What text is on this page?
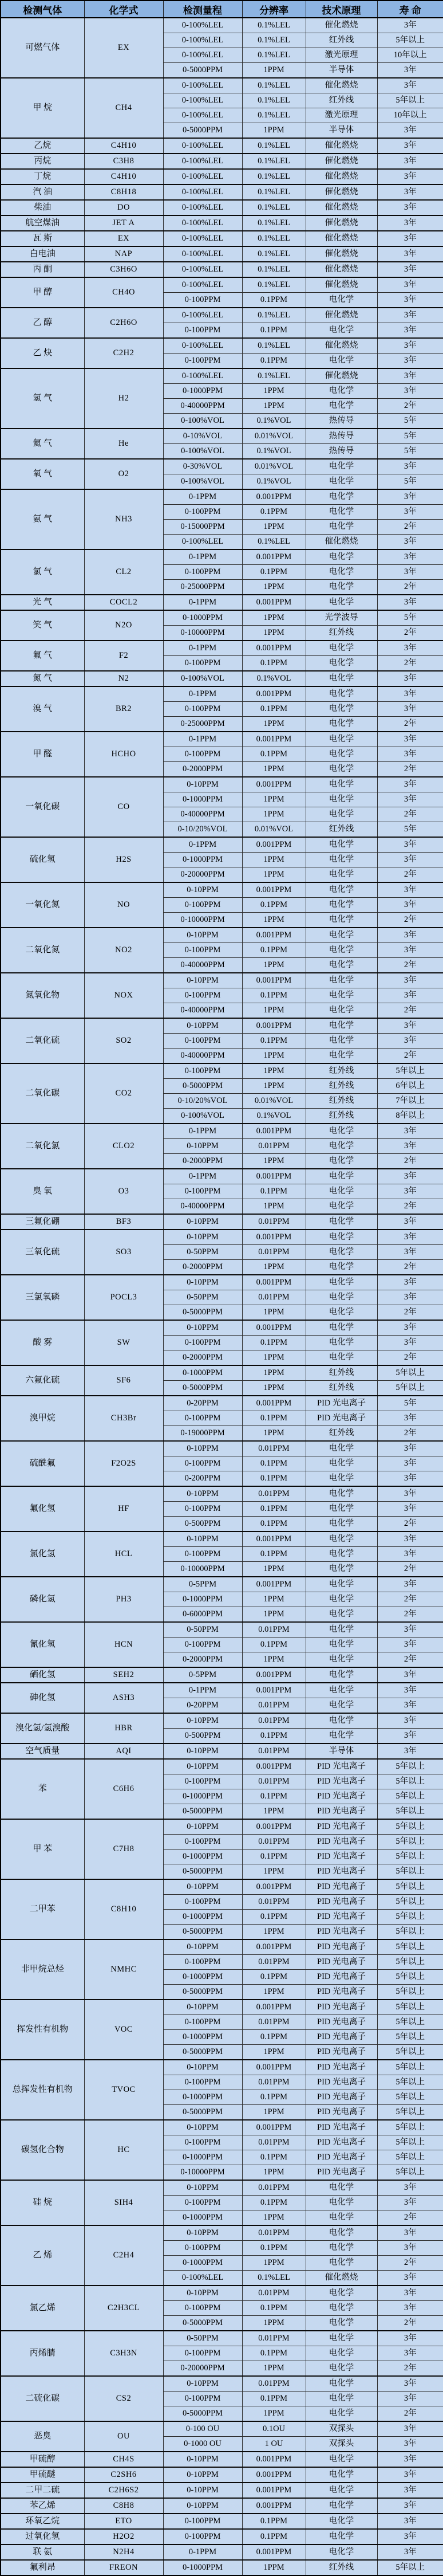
检测气体	化学式	检测量程	分辨率	技术原理	寿 命
可燃气体	EX	0-100%LEL	0.1%LEL	催化燃烧	3年
		0-100%LEL	0.1%LEL	红外线	5年以上
		0-100%LEL	0.1%LEL	激光原理	10年以上
		0-5000PPM	1PPM	半导体	3年
甲 烷	CH4	0-100%LEL	0.1%LEL	催化燃烧	3年
		0-100%LEL	0.1%LEL	红外线	5年以上
		0-100%LEL	0.1%LEL	激光原理	10年以上
		0-5000PPM	1PPM	半导体	3年
乙烷	C4H10	0-100%LEL	0.1%LEL	催化燃烧	3年
丙烷	C3H8	0-100%LEL	0.1%LEL	催化燃烧	3年
丁烷	C4H10	0-100%LEL	0.1%LEL	催化燃烧	3年
汽 油	C8H18	0-100%LEL	0.1%LEL	催化燃烧	3年
柴油	DO	0-100%LEL	0.1%LEL	催化燃烧	3年
航空煤油	JET A	0-100%LEL	0.1%LEL	催化燃烧	3年
瓦 斯	EX	0-100%LEL	0.1%LEL	催化燃烧	3年
白电油	NAP	0-100%LEL	0.1%LEL	催化燃烧	3年
丙 酮	C3H6O	0-100%LEL	0.1%LEL	催化燃烧	3年
甲 醇	CH4O	0-100%LEL	0.1%LEL	催化燃烧	3年
		0-100PPM	0.1PPM	电化学	3年
乙 醇	C2H6O	0-100%LEL	0.1%LEL	催化燃烧	3年
		0-100PPM	0.1PPM	电化学	3年
乙 炔	C2H2	0-100%LEL	0.1%LEL	催化燃烧	3年
		0-100PPM	0.1PPM	电化学	3年
氢 气	H2	0-100%LEL	0.1%LEL	催化燃烧	3年
		0-1000PPM	1PPM	电化学	3年
		0-40000PPM	1PPM	电化学	2年
		0-100%VOL	0.1%VOL	热传导	5年
氦 气	He	0-10%VOL	0.01%VOL	热传导	5年
		0-100%VOL	0.1%VOL	热传导	5年
氧 气	O2	0-30%VOL	0.01%VOL	电化学	3年
		0-100%VOL	0.1%VOL	电化学	5年
氨 气	NH3	0-1PPM	0.001PPM	电化学	3年
		0-100PPM	0.1PPM	电化学	3年
		0-15000PPM	1PPM	电化学	2年
		0-100%LEL	0.1%LEL	催化燃烧	3年
氯 气	CL2	0-1PPM	0.001PPM	电化学	3年
		0-100PPM	0.1PPM	电化学	3年
		0-25000PPM	1PPM	电化学	2年
光 气	COCL2	0-1PPM	0.001PPM	电化学	3年
笑 气	N2O	0-1000PPM	1PPM	光学波导	5年
		0-10000PPM	1PPM	红外线	2年
氟 气	F2	0-1PPM	0.001PPM	电化学	3年
		0-100PPM	0.1PPM	电化学	2年
氮 气	N2	0-100%VOL	0.1%VOL	电化学	3年
溴 气	BR2	0-1PPM	0.001PPM	电化学	3年
		0-100PPM	0.1PPM	电化学	3年
		0-25000PPM	1PPM	电化学	2年
甲 醛	HCHO	0-1PPM	0.001PPM	电化学	3年
		0-100PPM	0.1PPM	电化学	3年
		0-2000PPM	1PPM	电化学	2年
一氧化碳	CO	0-10PPM	0.001PPM	电化学	3年
		0-1000PPM	1PPM	电化学	3年
		0-40000PPM	1PPM	电化学	2年
		0-10/20%VOL	0.01%VOL	红外线	5年
硫化氢	H2S	0-1PPM	0.001PPM	电化学	3年
		0-1000PPM	1PPM	电化学	3年
		0-20000PPM	1PPM	电化学	2年
一氧化氮	NO	0-10PPM	0.001PPM	电化学	3年
		0-100PPM	0.1PPM	电化学	3年
		0-10000PPM	1PPM	电化学	2年
二氧化氮	NO2	0-10PPM	0.001PPM	电化学	3年
		0-100PPM	0.1PPM	电化学	3年
		0-40000PPM	1PPM	电化学	2年
氮氧化物	NOX	0-10PPM	0.001PPM	电化学	3年
		0-100PPM	0.1PPM	电化学	3年
		0-40000PPM	1PPM	电化学	2年
二氧化硫	SO2	0-10PPM	0.001PPM	电化学	3年
		0-100PPM	0.1PPM	电化学	3年
		0-40000PPM	1PPM	电化学	2年
二氧化碳	CO2	0-100PPM	1PPM	红外线	5年以上
		0-5000PPM	1PPM	红外线	6年以上
		0-10/20%VOL	0.01%VOL	红外线	7年以上
		0-100%VOL	0.1%VOL	红外线	8年以上
二氧化氯	CLO2	0-1PPM	0.001PPM	电化学	3年
		0-10PPM	0.01PPM	电化学	3年
		0-2000PPM	1PPM	电化学	2年
臭 氧	O3	0-1PPM	0.001PPM	电化学	3年
		0-100PPM	0.1PPM	电化学	3年
		0-40000PPM	1PPM	电化学	2年
三氟化硼	BF3	0-10PPM	0.01PPM	电化学	3年
三氧化硫	SO3	0-10PPM	0.001PPM	电化学	3年
		0-50PPM	0.01PPM	电化学	3年
		0-2000PPM	1PPM	电化学	2年
三氯氧磷	POCL3	0-10PPM	0.001PPM	电化学	3年
		0-50PPM	0.01PPM	电化学	3年
		0-5000PPM	1PPM	电化学	2年
酸 雾	SW	0-10PPM	0.001PPM	电化学	3年
		0-100PPM	0.1PPM	电化学	3年
		0-2000PPM	1PPM	电化学	2年
六氟化硫	SF6	0-1000PPM	1PPM	红外线	5年以上
		0-5000PPM	1PPM	红外线	5年以上
溴甲烷	CH3Br	0-20PPM	0.001PPM	PID 光电离子	5年
		0-100PPM	0.1PPM	PID 光电离子	3年
		0-19000PPM	1PPM	红外线	2年
硫酰氟	F2O2S	0-10PPM	0.01PPM	电化学	3年
		0-100PPM	0.1PPM	电化学	3年
		0-200PPM	0.1PPM	电化学	3年
氟化氢	HF	0-10PPM	0.01PPM	电化学	3年
		0-100PPM	0.1PPM	电化学	3年
		0-500PPM	0.1PPM	电化学	2年
氯化氢	HCL	0-10PPM	0.001PPM	电化学	3年
		0-100PPM	0.1PPM	电化学	3年
		0-10000PPM	1PPM	电化学	2年
磷化氢	PH3	0-5PPM	0.001PPM	电化学	3年
		0-1000PPM	1PPM	电化学	2年
		0-6000PPM	1PPM	电化学	2年
氰化氢	HCN	0-50PPM	0.01PPM	电化学	3年
		0-100PPM	0.1PPM	电化学	3年
		0-2000PPM	1PPM	电化学	2年
硒化氢	SEH2	0-5PPM	0.001PPM	电化学	3年
砷化氢	ASH3	0-1PPM	0.001PPM	电化学	3年
		0-20PPM	0.01PPM	电化学	3年
溴化氢/氢溴酸	HBR	0-10PPM	0.01PPM	电化学	3年
		0-500PPM	0.1PPM	电化学	3年
空气质量	AQI	0-10PPM	0.01PPM	半导体	3年
苯	C6H6	0-10PPM	0.001PPM	PID 光电离子	5年以上
		0-100PPM	0.01PPM	PID 光电离子	5年以上
		0-1000PPM	0.1PPM	PID 光电离子	5年以上
		0-5000PPM	1PPM	PID 光电离子	5年以上
甲 苯	C7H8	0-10PPM	0.001PPM	PID 光电离子	5年以上
		0-100PPM	0.01PPM	PID 光电离子	5年以上
		0-1000PPM	0.1PPM	PID 光电离子	5年以上
		0-5000PPM	1PPM	PID 光电离子	5年以上
二甲苯	C8H10	0-10PPM	0.001PPM	PID 光电离子	5年以上
		0-100PPM	0.01PPM	PID 光电离子	5年以上
		0-1000PPM	0.1PPM	PID 光电离子	5年以上
		0-5000PPM	1PPM	PID 光电离子	5年以上
非甲烷总烃	NMHC	0-10PPM	0.001PPM	PID 光电离子	5年以上
		0-100PPM	0.01PPM	PID 光电离子	5年以上
		0-1000PPM	0.1PPM	PID 光电离子	5年以上
		0-5000PPM	1PPM	PID 光电离子	5年以上
挥发性有机物	VOC	0-10PPM	0.001PPM	PID 光电离子	5年以上
		0-100PPM	0.01PPM	PID 光电离子	5年以上
		0-1000PPM	0.1PPM	PID 光电离子	5年以上
		0-5000PPM	1PPM	PID 光电离子	5年以上
总挥发性有机物	TVOC	0-10PPM	0.001PPM	PID 光电离子	5年以上
		0-100PPM	0.01PPM	PID 光电离子	5年以上
		0-1000PPM	0.1PPM	PID 光电离子	5年以上
		0-5000PPM	1PPM	PID 光电离子	5年以上
碳氢化合物	HC	0-10PPM	0.001PPM	PID 光电离子	5年以上
		0-100PPM	0.01PPM	PID 光电离子	5年以上
		0-1000PPM	0.1PPM	PID 光电离子	5年以上
		0-10000PPM	1PPM	PID 光电离子	5年以上
硅 烷	SIH4	0-10PPM	0.01PPM	电化学	3年
		0-100PPM	0.1PPM	电化学	3年
		0-1000PPM	1PPM	电化学	2年
乙 烯	C2H4	0-10PPM	0.01PPM	电化学	3年
		0-100PPM	0.1PPM	电化学	3年
		0-1000PPM	1PPM	电化学	2年
		0-100%LEL	0.1%LEL	催化燃烧	3年
氯乙烯	C2H3CL	0-10PPM	0.01PPM	电化学	3年
		0-100PPM	0.1PPM	电化学	3年
		0-5000PPM	1PPM	电化学	2年
丙烯腈	C3H3N	0-50PPM	0.01PPM	电化学	3年
		0-100PPM	0.1PPM	电化学	3年
		0-20000PPM	1PPM	电化学	2年
二硫化碳	CS2	0-10PPM	0.01PPM	电化学	3年
		0-100PPM	0.1PPM	电化学	3年
		0-5000PPM	1PPM	电化学	2年
恶臭	OU	0-100 OU	0.1OU	双探头	3年
		0-1000 OU	1 OU	双探头	3年
甲硫醇	CH4S	0-10PPM	0.001PPM	电化学	3年
甲硫醚	C2SH6	0-10PPM	0.001PPM	电化学	3年
二甲二硫	C2H6S2	0-10PPM	0.001PPM	电化学	3年
苯乙烯	C8H8	0-10PPM	0.001PPM	电化学	3年
环氧乙烷	ETO	0-100PPM	0.1PPM	电化学	3年
过氧化氢	H2O2	0-100PPM	0.1PPM	电化学	3年
联 氨	N2H4	0-1PPM	0.001PPM	电化学	3年
氟利昂	FREON	0-1000PPM	1PPM	红外线	5年以上
